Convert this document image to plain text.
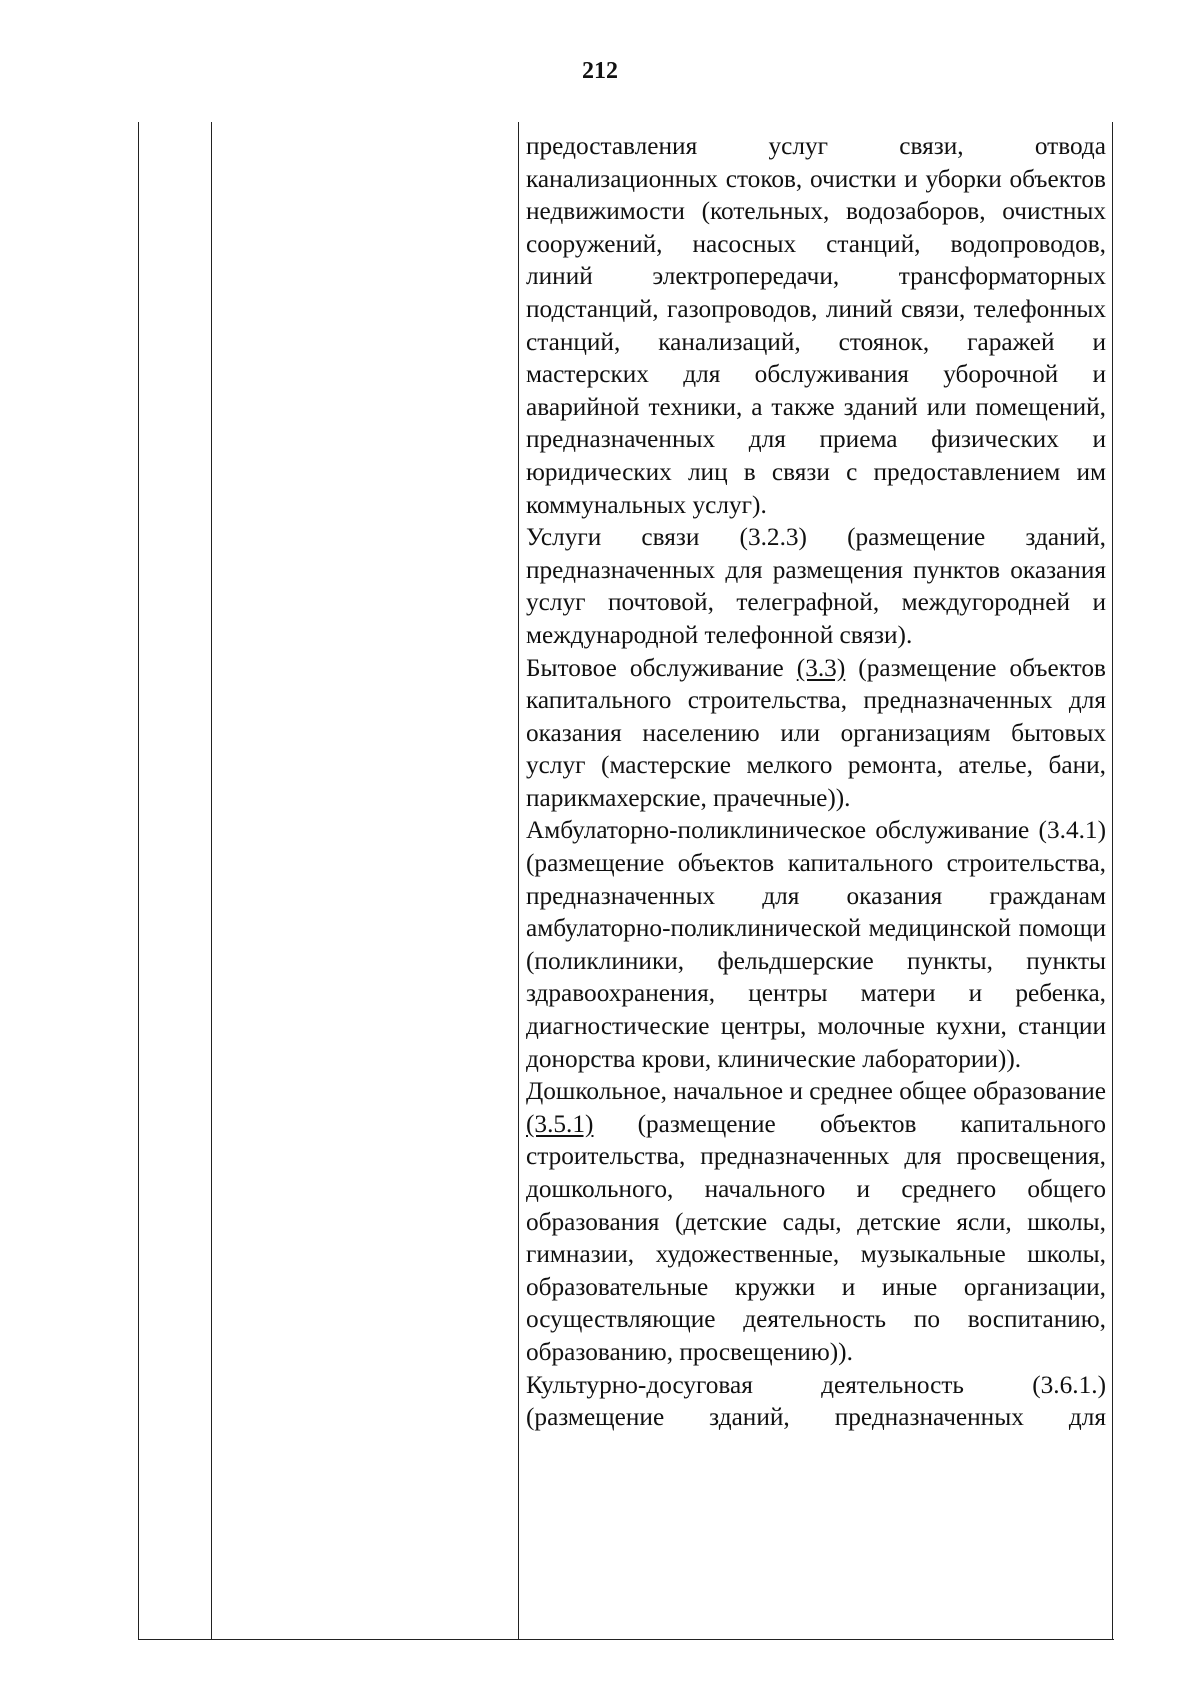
212

предоставления услуг связи, отвода канализационных стоков, очистки и уборки объектов недвижимости (котельных, водозаборов, очистных сооружений, насосных станций, водопроводов, линий электропередачи, трансформаторных подстанций, газопроводов, линий связи, телефонных станций, канализаций, стоянок, гаражей и мастерских для обслуживания уборочной и аварийной техники, а также зданий или помещений, предназначенных для приема физических и юридических лиц в связи с предоставлением им коммунальных услуг).

Услуги связи (3.2.3) (размещение зданий, предназначенных для размещения пунктов оказания услуг почтовой, телеграфной, междугородней и международной телефонной связи).

Бытовое обслуживание (3.3) (размещение объектов капитального строительства, предназначенных для оказания населению или организациям бытовых услуг (мастерские мелкого ремонта, ателье, бани, парикмахерские, прачечные)).

Амбулаторно-поликлиническое обслуживание (3.4.1) (размещение объектов капитального строительства, предназначенных для оказания гражданам амбулаторно-поликлинической медицинской помощи (поликлиники, фельдшерские пункты, пункты здравоохранения, центры матери и ребенка, диагностические центры, молочные кухни, станции донорства крови, клинические лаборатории)).

Дошкольное, начальное и среднее общее образование (3.5.1) (размещение объектов капитального строительства, предназначенных для просвещения, дошкольного, начального и среднего общего образования (детские сады, детские ясли, школы, гимназии, художественные, музыкальные школы, образовательные кружки и иные организации, осуществляющие деятельность по воспитанию, образованию, просвещению)).

Культурно-досуговая деятельность (3.6.1.) (размещение зданий, предназначенных для
